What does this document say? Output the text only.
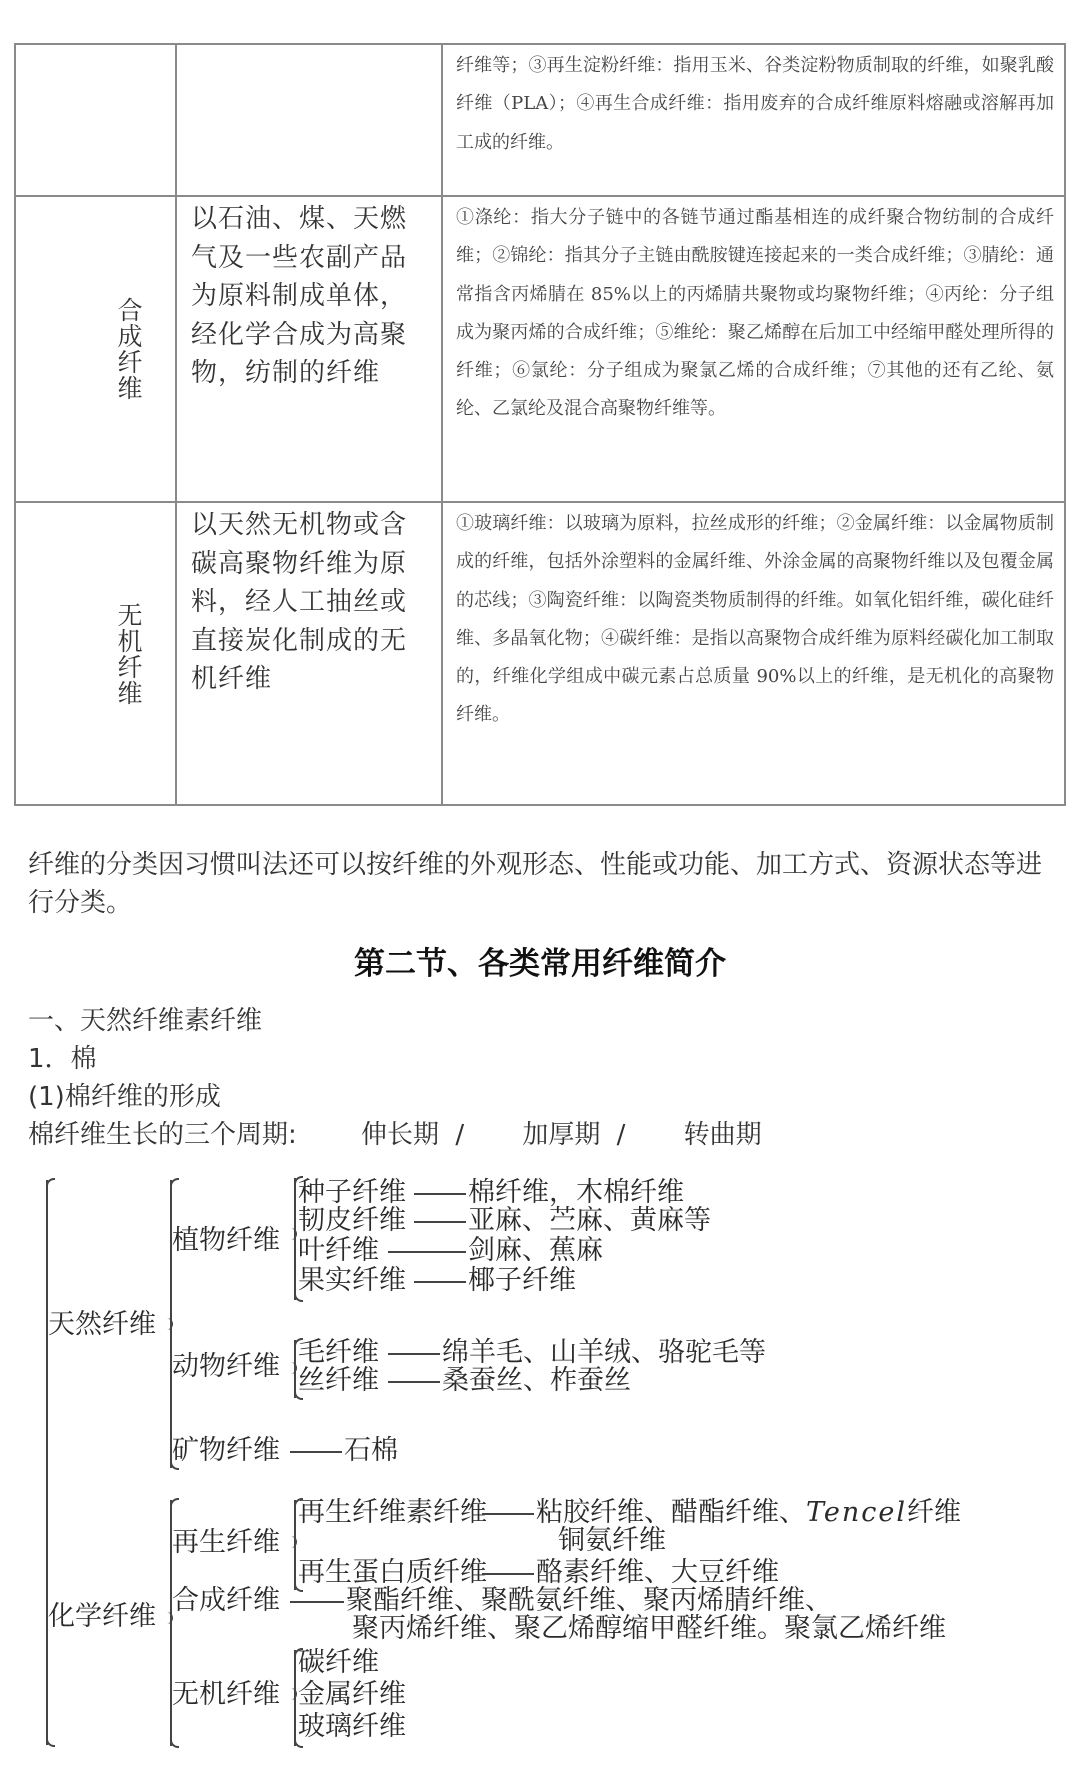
		纤维等；③再生淀粉纤维：指用玉米、谷类淀粉物质制取的纤维，如聚乳酸纤维（PLA）；④再生合成纤维：指用废弃的合成纤维原料熔融或溶解再加工成的纤维。

合成纤维	以石油、煤、天燃气及一些农副产品为原料制成单体，经化学合成为高聚物，纺制的纤维	①涤纶：指大分子链中的各链节通过酯基相连的成纤聚合物纺制的合成纤维；②锦纶：指其分子主链由酰胺键连接起来的一类合成纤维；③腈纶：通常指含丙烯腈在 85%以上的丙烯腈共聚物或均聚物纤维；④丙纶：分子组成为聚丙烯的合成纤维；⑤维纶：聚乙烯醇在后加工中经缩甲醛处理所得的纤维；⑥氯纶：分子组成为聚氯乙烯的合成纤维；⑦其他的还有乙纶、氨纶、乙氯纶及混合高聚物纤维等。

无机纤维	以天然无机物或含碳高聚物纤维为原料，经人工抽丝或直接炭化制成的无机纤维	①玻璃纤维：以玻璃为原料，拉丝成形的纤维；②金属纤维：以金属物质制成的纤维，包括外涂塑料的金属纤维、外涂金属的高聚物纤维以及包覆金属的芯线；③陶瓷纤维：以陶瓷类物质制得的纤维。如氧化铝纤维，碳化硅纤维、多晶氧化物；④碳纤维：是指以高聚物合成纤维为原料经碳化加工制取的，纤维化学组成中碳元素占总质量 90%以上的纤维，是无机化的高聚物纤维。

纤维的分类因习惯叫法还可以按纤维的外观形态、性能或功能、加工方式、资源状态等进行分类。

第二节、各类常用纤维简介
一、天然纤维素纤维
1．棉
(1)棉纤维的形成
棉纤维生长的三个周期: 伸长期 / 加厚期 / 转曲期
天然纤维
植物纤维
种子纤维 棉纤维，木棉纤维
韧皮纤维 亚麻、苎麻、黄麻等
叶纤维	剑麻、蕉麻
果实纤维 椰子纤维
动物纤维 毛纤维 绵羊毛、山羊绒、骆驼毛等
丝纤维 桑蚕丝、柞蚕丝
矿物纤维 石棉
化学纤维
再生纤维
再生纤维素纤维 粘胶纤维、醋酯纤维、Tencel纤维
铜氨纤维
再生蛋白质纤维 酪素纤维、大豆纤维
合成纤维 聚酯纤维、聚酰氨纤维、聚丙烯腈纤维、
聚丙烯纤维、聚乙烯醇缩甲醛纤维。聚氯乙烯纤维
无机纤维
碳纤维
金属纤维
玻璃纤维
